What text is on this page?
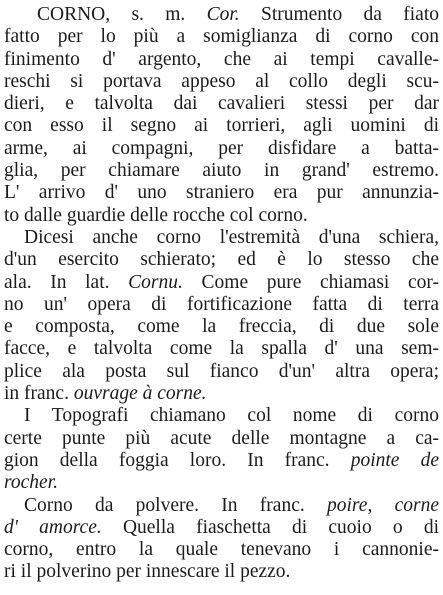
CORNO, s. m. Cor. Strumento da fiato
fatto per lo più a somiglianza di corno con
finimento d' argento, che ai tempi cavalle-
reschi si portava appeso al collo degli scu-
dieri, e talvolta dai cavalieri stessi per dar
con esso il segno ai torrieri, agli uomini di
arme, ai compagni, per disfidare a batta-
glia, per chiamare aiuto in grand' estremo.
L' arrivo d' uno straniero era pur annunzia-
to dalle guardie delle rocche col corno.
Dicesi anche corno l'estremità d'una schiera,
d'un esercito schierato; ed è lo stesso che
ala. In lat. Cornu. Come pure chiamasi cor-
no un' opera di fortificazione fatta di terra
e composta, come la freccia, di due sole
facce, e talvolta come la spalla d' una sem-
plice ala posta sul fianco d'un' altra opera;
in franc. ouvrage à corne.
I Topografi chiamano col nome di corno
certe punte più acute delle montagne a ca-
gion della foggia loro. In franc. pointe de
rocher.
Corno da polvere. In franc. poire, corne
d' amorce. Quella fiaschetta di cuoio o di
corno, entro la quale tenevano i cannonie-
ri il polverino per innescare il pezzo.
